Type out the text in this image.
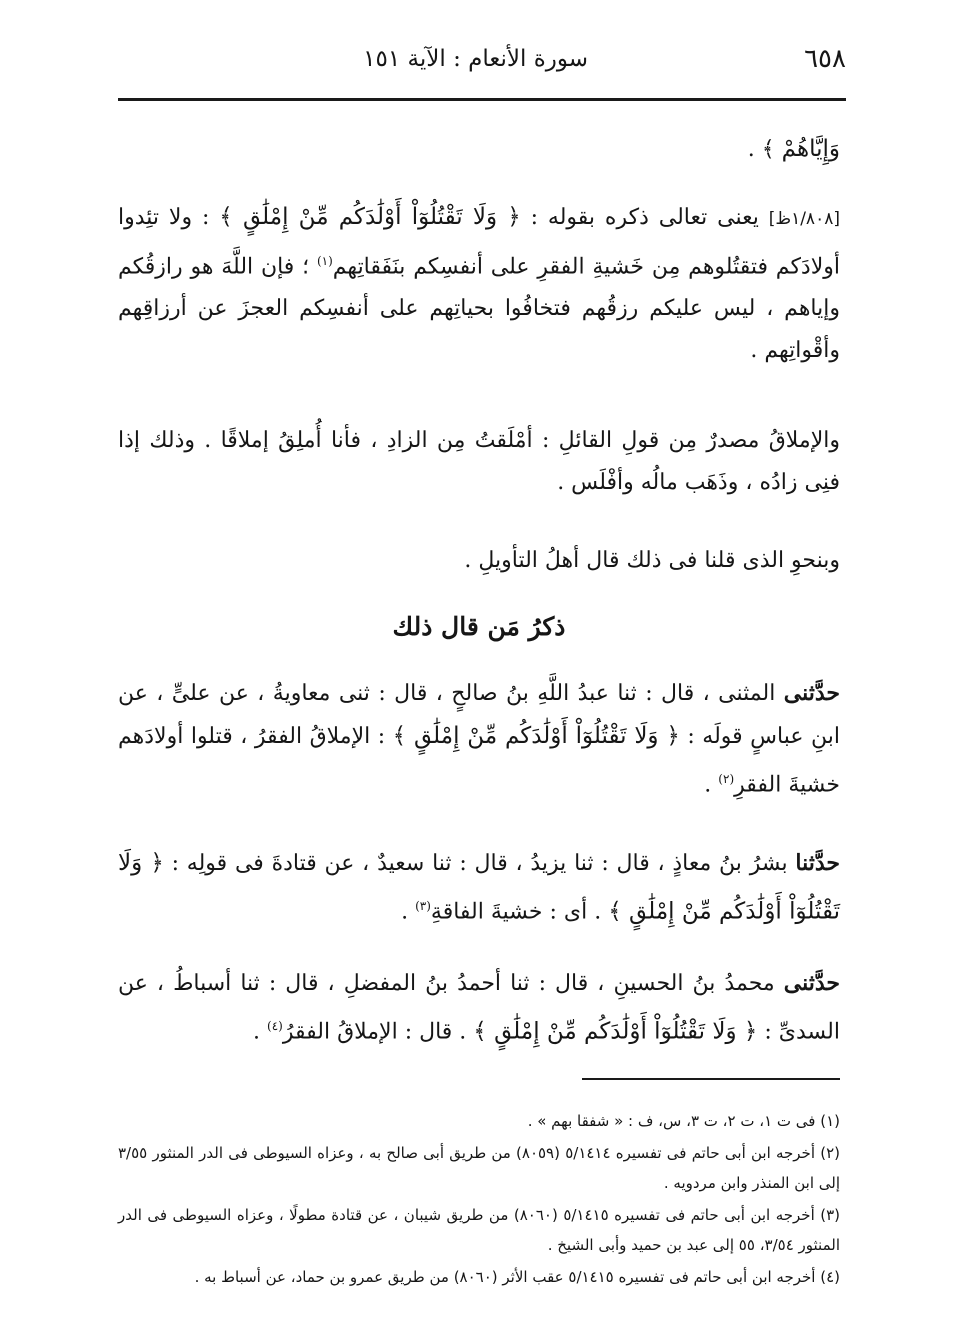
٦٥٨
سورة الأنعام : الآية ١٥١

وَإِيَّاهُمْ ﴾ .

[١/٨٠٨ظ] يعنى تعالى ذكره بقوله : ﴿ وَلَا تَقْتُلُوٓاْ أَوْلَٰدَكُم مِّنْ إِمْلَٰقٍ ﴾ : ولا تئِدوا أولادَكم فتقتُلوهم مِن خَشيةِ الفقرِ على أنفسِكم بنَفَقاتِهم$^{(١)}$ ؛ فإن اللَّهَ هو رازقُكم وإياهم ، ليس عليكم رزقُهم فتخافُوا بحياتِهم على أنفسِكم العجزَ عن أرزاقِهم وأقْواتِهم .

والإملاقُ مصدرٌ مِن قولِ القائلِ : أمْلَقتُ مِن الزادِ ، فأنا أُملِقُ إملاقًا . وذلك إذا فنِى زادُه ، وذَهَب مالُه وأفْلَس .

وبنحوِ الذى قلنا فى ذلك قال أهلُ التأويلِ .

ذكرُ مَن قال ذلك

حدَّثنى المثنى ، قال : ثنا عبدُ اللَّهِ بنُ صالحٍ ، قال : ثنى معاويةُ ، عن علىٍّ ، عن ابنِ عباسٍ قولَه : ﴿ وَلَا تَقْتُلُوٓاْ أَوْلَٰدَكُم مِّنْ إِمْلَٰقٍ ﴾ : الإملاقُ الفقرُ ، قتلوا أولادَهم خشيةَ الفقرِ$^{(٢)}$ .

حدَّثنا بشرُ بنُ معاذٍ ، قال : ثنا يزيدُ ، قال : ثنا سعيدٌ ، عن قتادةَ فى قولِه : ﴿ وَلَا تَقْتُلُوٓاْ أَوْلَٰدَكُم مِّنْ إِمْلَٰقٍ ﴾ . أى : خشيةَ الفاقةِ$^{(٣)}$ .

حدَّثنى محمدُ بنُ الحسينِ ، قال : ثنا أحمدُ بنُ المفضلِ ، قال : ثنا أسباطُ ، عن السدىِّ : ﴿ وَلَا تَقْتُلُوٓاْ أَوْلَٰدَكُم مِّنْ إِمْلَٰقٍ ﴾ . قال : الإملاقُ الفقرُ$^{(٤)}$ .

(١) فى ت ١، ت ٢، ت ٣، س، ف : « شفقا بهم » .

(٢) أخرجه ابن أبى حاتم فى تفسيره ٥/١٤١٤ (٨٠٥٩) من طريق أبى صالح به ، وعزاه السيوطى فى الدر المنثور ٣/٥٥ إلى ابن المنذر وابن مردويه .

(٣) أخرجه ابن أبى حاتم فى تفسيره ٥/١٤١٥ (٨٠٦٠) من طريق شيبان ، عن قتادة مطولًا ، وعزاه السيوطى فى الدر المنثور ٣/٥٤، ٥٥ إلى عبد بن حميد وأبى الشيخ .

(٤) أخرجه ابن أبى حاتم فى تفسيره ٥/١٤١٥ عقب الأثر (٨٠٦٠) من طريق عمرو بن حماد، عن أسباط به .
